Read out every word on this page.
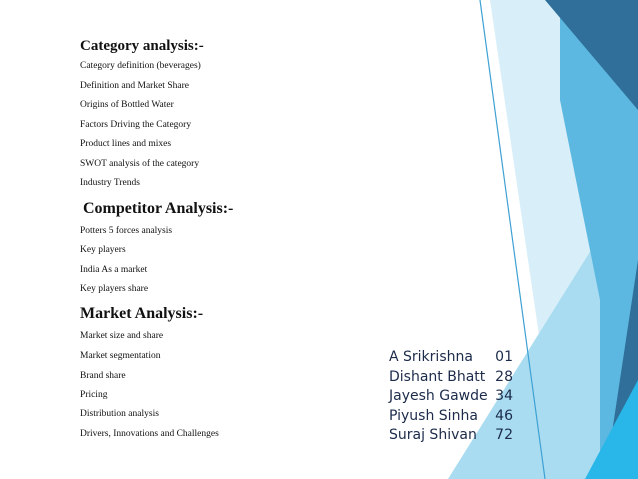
Category analysis:-
Category definition (beverages)
Definition and Market Share
Origins of Bottled Water
Factors Driving the Category
Product lines and mixes
SWOT analysis of the category
Industry Trends
Competitor Analysis:-
Potters 5 forces analysis
Key players
India As a market
Key players share
Market Analysis:-
Market size and share
Market segmentation
Brand share
Pricing
Distribution analysis
Drivers, Innovations and Challenges
A Srikrishna 01
Dishant Bhatt 28
Jayesh Gawde 34
Piyush Sinha 46
Suraj Shivan 72
